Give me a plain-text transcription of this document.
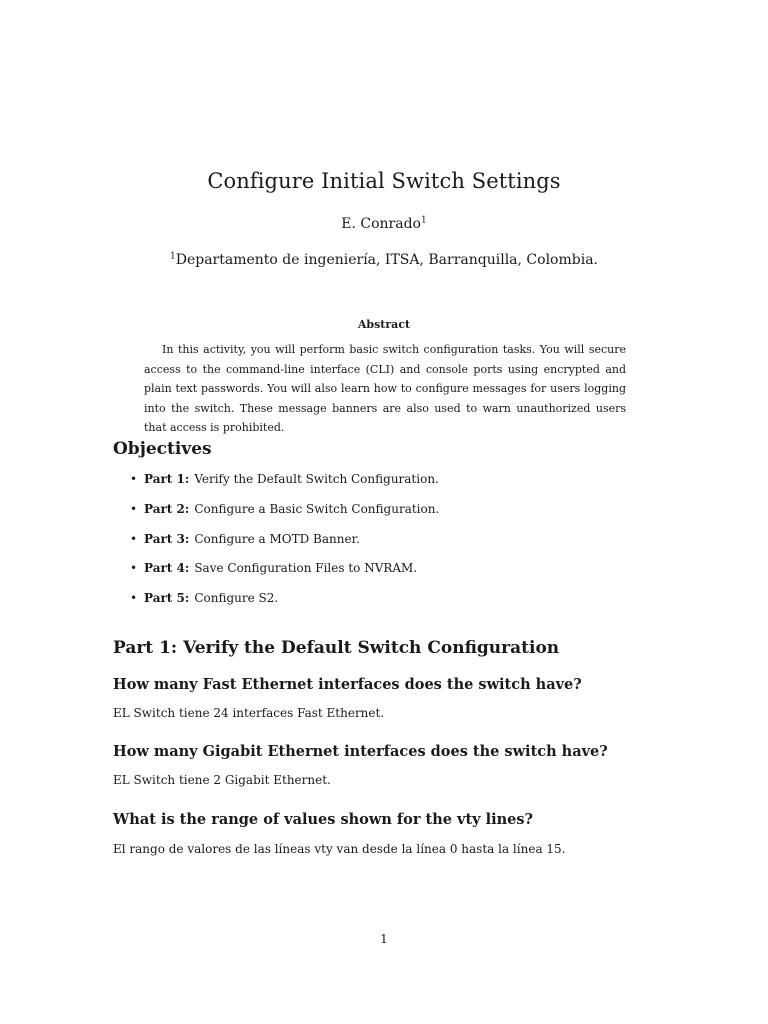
Configure Initial Switch Settings
E. Conrado$^1$
$^1$Departamento de ingeniería, ITSA, Barranquilla, Colombia.
Abstract
In this activity, you will perform basic switch configuration tasks. You will secure access to the command-line interface (CLI) and console ports using encrypted and plain text passwords. You will also learn how to configure messages for users logging into the switch. These message banners are also used to warn unauthorized users that access is prohibited.
Objectives
• Part 1: Verify the Default Switch Configuration.
• Part 2: Configure a Basic Switch Configuration.
• Part 3: Configure a MOTD Banner.
• Part 4: Save Configuration Files to NVRAM.
• Part 5: Configure S2.
Part 1: Verify the Default Switch Configuration
How many Fast Ethernet interfaces does the switch have?
EL Switch tiene 24 interfaces Fast Ethernet.
How many Gigabit Ethernet interfaces does the switch have?
EL Switch tiene 2 Gigabit Ethernet.
What is the range of values shown for the vty lines?
El rango de valores de las líneas vty van desde la línea 0 hasta la línea 15.
1
